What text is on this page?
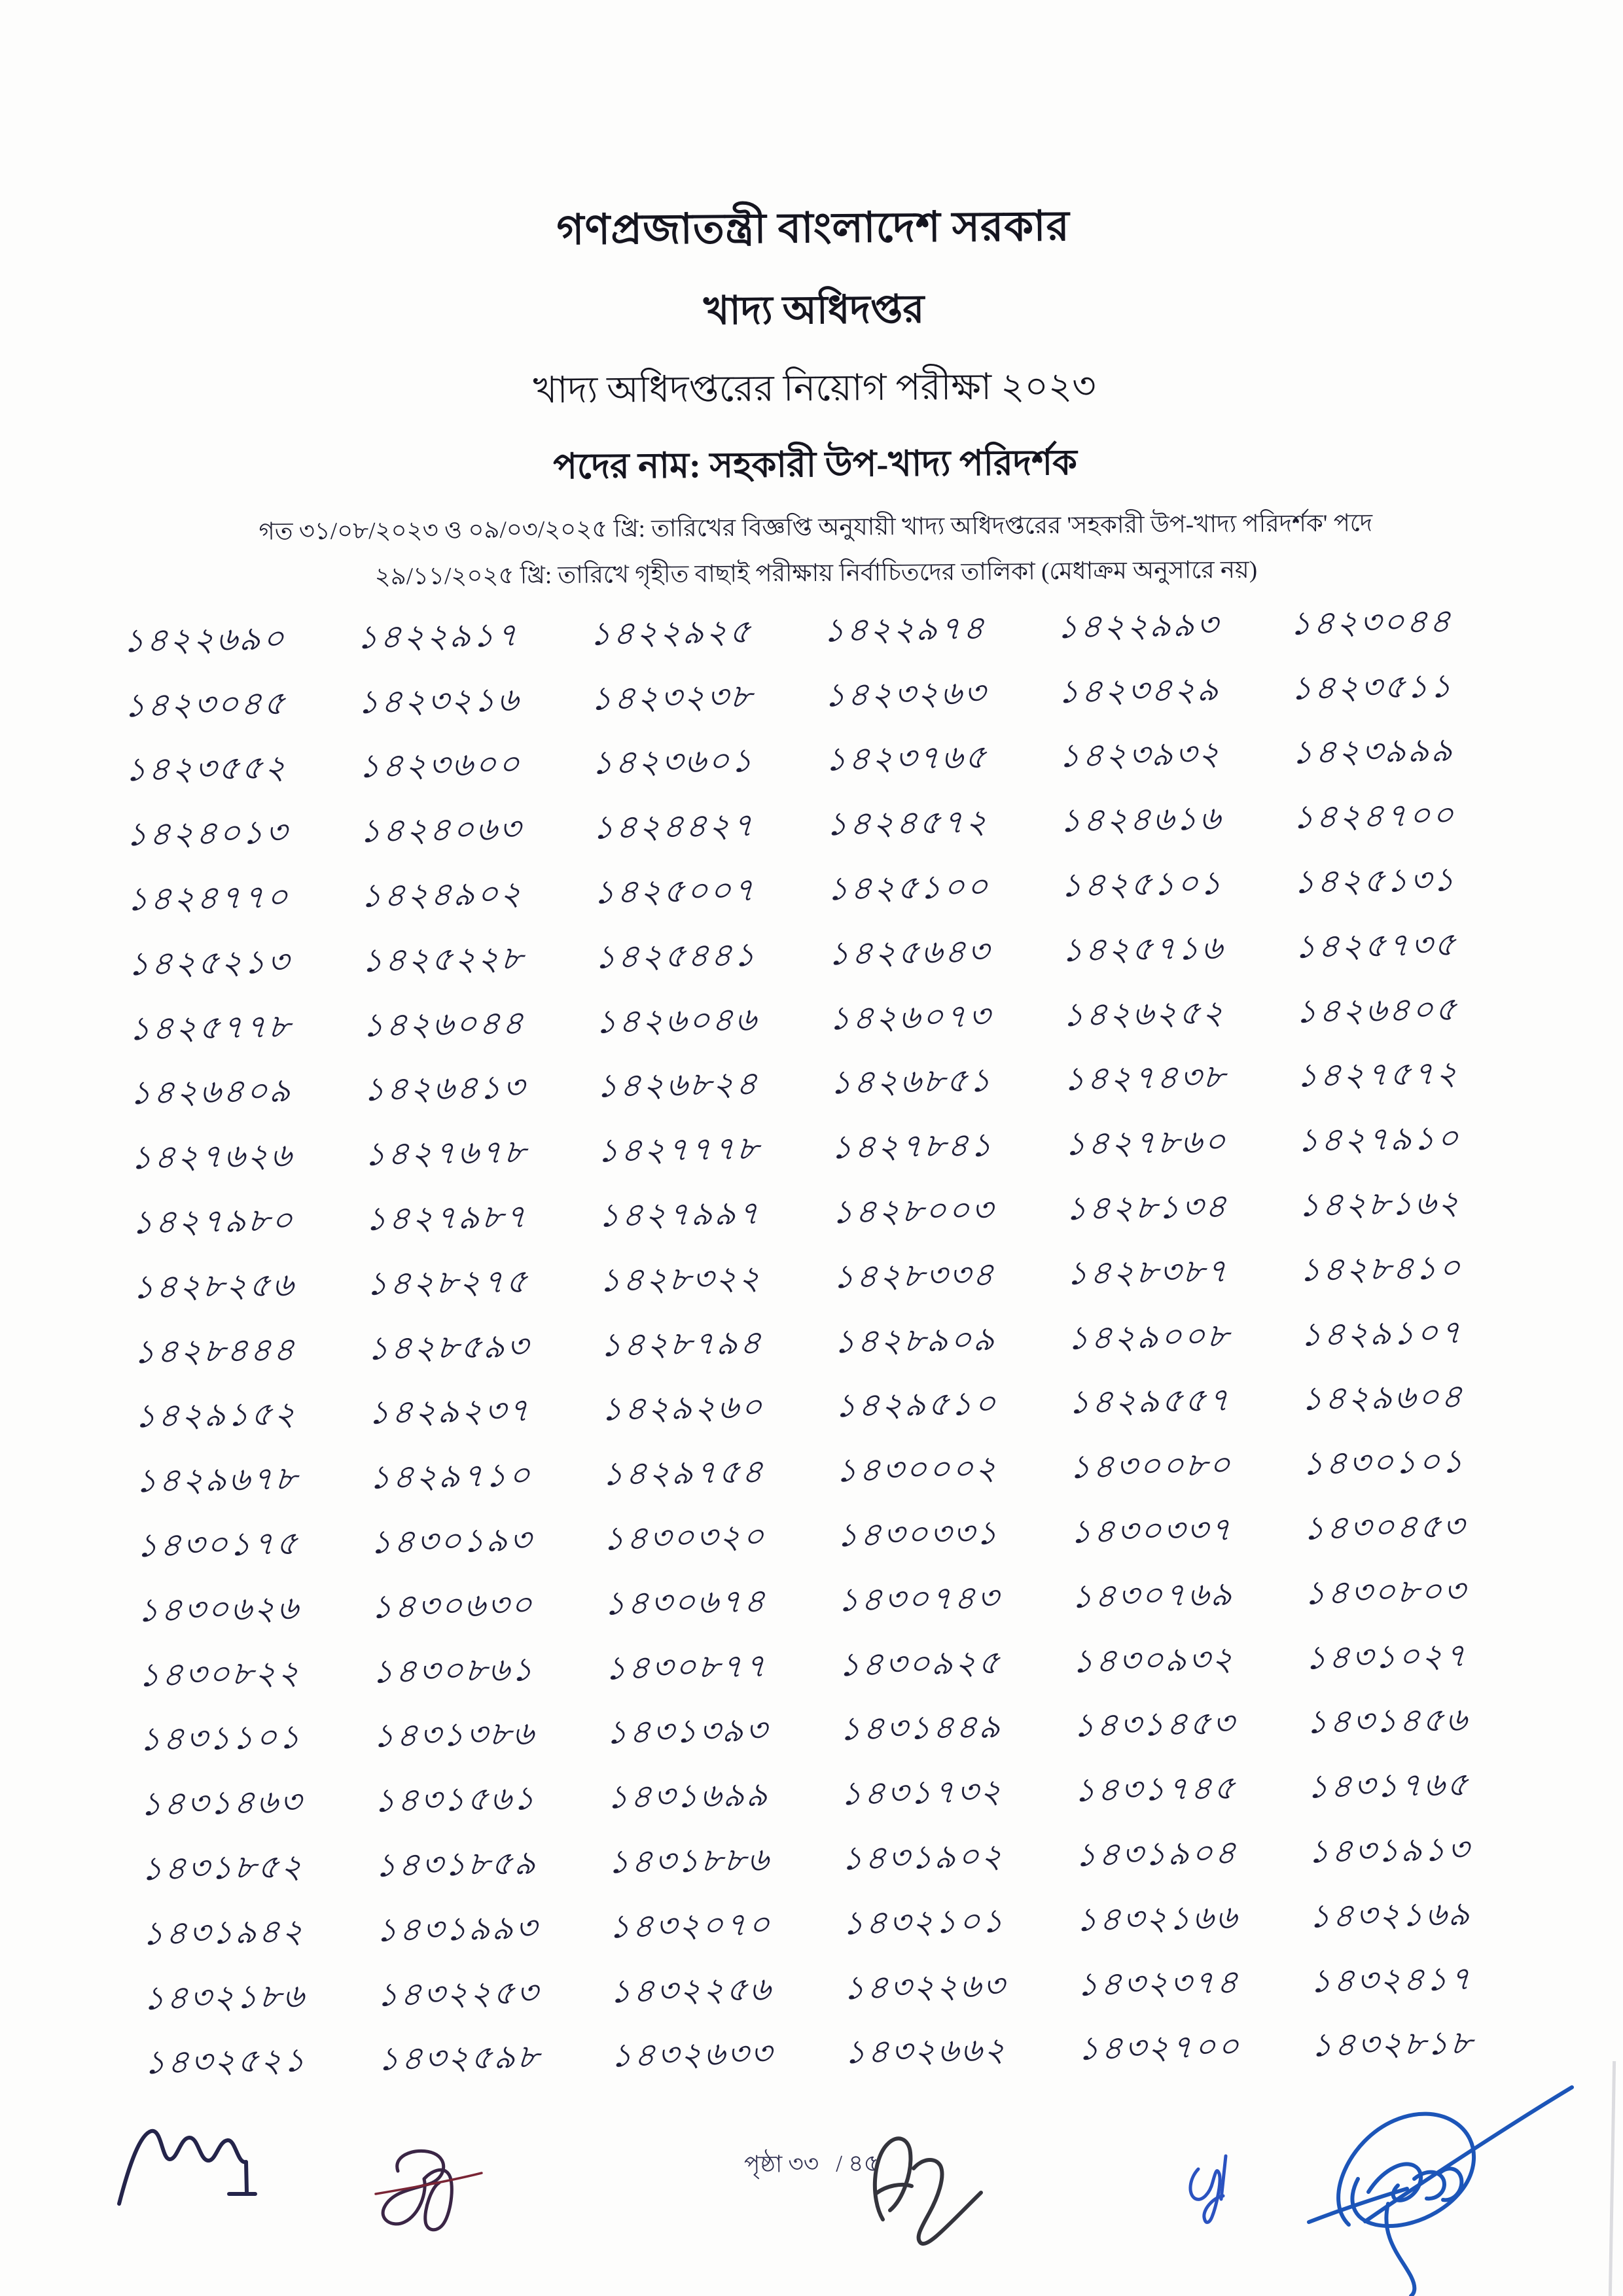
গণপ্রজাতন্ত্রী বাংলাদেশ সরকার
খাদ্য অধিদপ্তর
খাদ্য অধিদপ্তরের নিয়োগ পরীক্ষা ২০২৩
পদের নাম: সহকারী উপ-খাদ্য পরিদর্শক
গত ৩১/০৮/২০২৩ ও ০৯/০৩/২০২৫ খ্রি: তারিখের বিজ্ঞপ্তি অনুযায়ী খাদ্য অধিদপ্তরের 'সহকারী উপ-খাদ্য পরিদর্শক' পদে
২৯/১১/২০২৫ খ্রি: তারিখে গৃহীত বাছাই পরীক্ষায় নির্বাচিতদের তালিকা (মেধাক্রম অনুসারে নয়)
১৪২২৬৯০	১৪২২৯১৭	১৪২২৯২৫	১৪২২৯৭৪	১৪২২৯৯৩	১৪২৩০৪৪
১৪২৩০৪৫	১৪২৩২১৬	১৪২৩২৩৮	১৪২৩২৬৩	১৪২৩৪২৯	১৪২৩৫১১
১৪২৩৫৫২	১৪২৩৬০০	১৪২৩৬০১	১৪২৩৭৬৫	১৪২৩৯৩২	১৪২৩৯৯৯
১৪২৪০১৩	১৪২৪০৬৩	১৪২৪৪২৭	১৪২৪৫৭২	১৪২৪৬১৬	১৪২৪৭০০
১৪২৪৭৭০	১৪২৪৯০২	১৪২৫০০৭	১৪২৫১০০	১৪২৫১০১	১৪২৫১৩১
১৪২৫২১৩	১৪২৫২২৮	১৪২৫৪৪১	১৪২৫৬৪৩	১৪২৫৭১৬	১৪২৫৭৩৫
১৪২৫৭৭৮	১৪২৬০৪৪	১৪২৬০৪৬	১৪২৬০৭৩	১৪২৬২৫২	১৪২৬৪০৫
১৪২৬৪০৯	১৪২৬৪১৩	১৪২৬৮২৪	১৪২৬৮৫১	১৪২৭৪৩৮	১৪২৭৫৭২
১৪২৭৬২৬	১৪২৭৬৭৮	১৪২৭৭৭৮	১৪২৭৮৪১	১৪২৭৮৬০	১৪২৭৯১০
১৪২৭৯৮০	১৪২৭৯৮৭	১৪২৭৯৯৭	১৪২৮০০৩	১৪২৮১৩৪	১৪২৮১৬২
১৪২৮২৫৬	১৪২৮২৭৫	১৪২৮৩২২	১৪২৮৩৩৪	১৪২৮৩৮৭	১৪২৮৪১০
১৪২৮৪৪৪	১৪২৮৫৯৩	১৪২৮৭৯৪	১৪২৮৯০৯	১৪২৯০০৮	১৪২৯১০৭
১৪২৯১৫২	১৪২৯২৩৭	১৪২৯২৬০	১৪২৯৫১০	১৪২৯৫৫৭	১৪২৯৬০৪
১৪২৯৬৭৮	১৪২৯৭১০	১৪২৯৭৫৪	১৪৩০০০২	১৪৩০০৮০	১৪৩০১০১
১৪৩০১৭৫	১৪৩০১৯৩	১৪৩০৩২০	১৪৩০৩৩১	১৪৩০৩৩৭	১৪৩০৪৫৩
১৪৩০৬২৬	১৪৩০৬৩০	১৪৩০৬৭৪	১৪৩০৭৪৩	১৪৩০৭৬৯	১৪৩০৮০৩
১৪৩০৮২২	১৪৩০৮৬১	১৪৩০৮৭৭	১৪৩০৯২৫	১৪৩০৯৩২	১৪৩১০২৭
১৪৩১১০১	১৪৩১৩৮৬	১৪৩১৩৯৩	১৪৩১৪৪৯	১৪৩১৪৫৩	১৪৩১৪৫৬
১৪৩১৪৬৩	১৪৩১৫৬১	১৪৩১৬৯৯	১৪৩১৭৩২	১৪৩১৭৪৫	১৪৩১৭৬৫
১৪৩১৮৫২	১৪৩১৮৫৯	১৪৩১৮৮৬	১৪৩১৯০২	১৪৩১৯০৪	১৪৩১৯১৩
১৪৩১৯৪২	১৪৩১৯৯৩	১৪৩২০৭০	১৪৩২১০১	১৪৩২১৬৬	১৪৩২১৬৯
১৪৩২১৮৬	১৪৩২২৫৩	১৪৩২২৫৬	১৪৩২২৬৩	১৪৩২৩৭৪	১৪৩২৪১৭
১৪৩২৫২১	১৪৩২৫৯৮	১৪৩২৬৩৩	১৪৩২৬৬২	১৪৩২৭০০	১৪৩২৮১৮
পৃষ্ঠা ৩৩ / ৪৫
